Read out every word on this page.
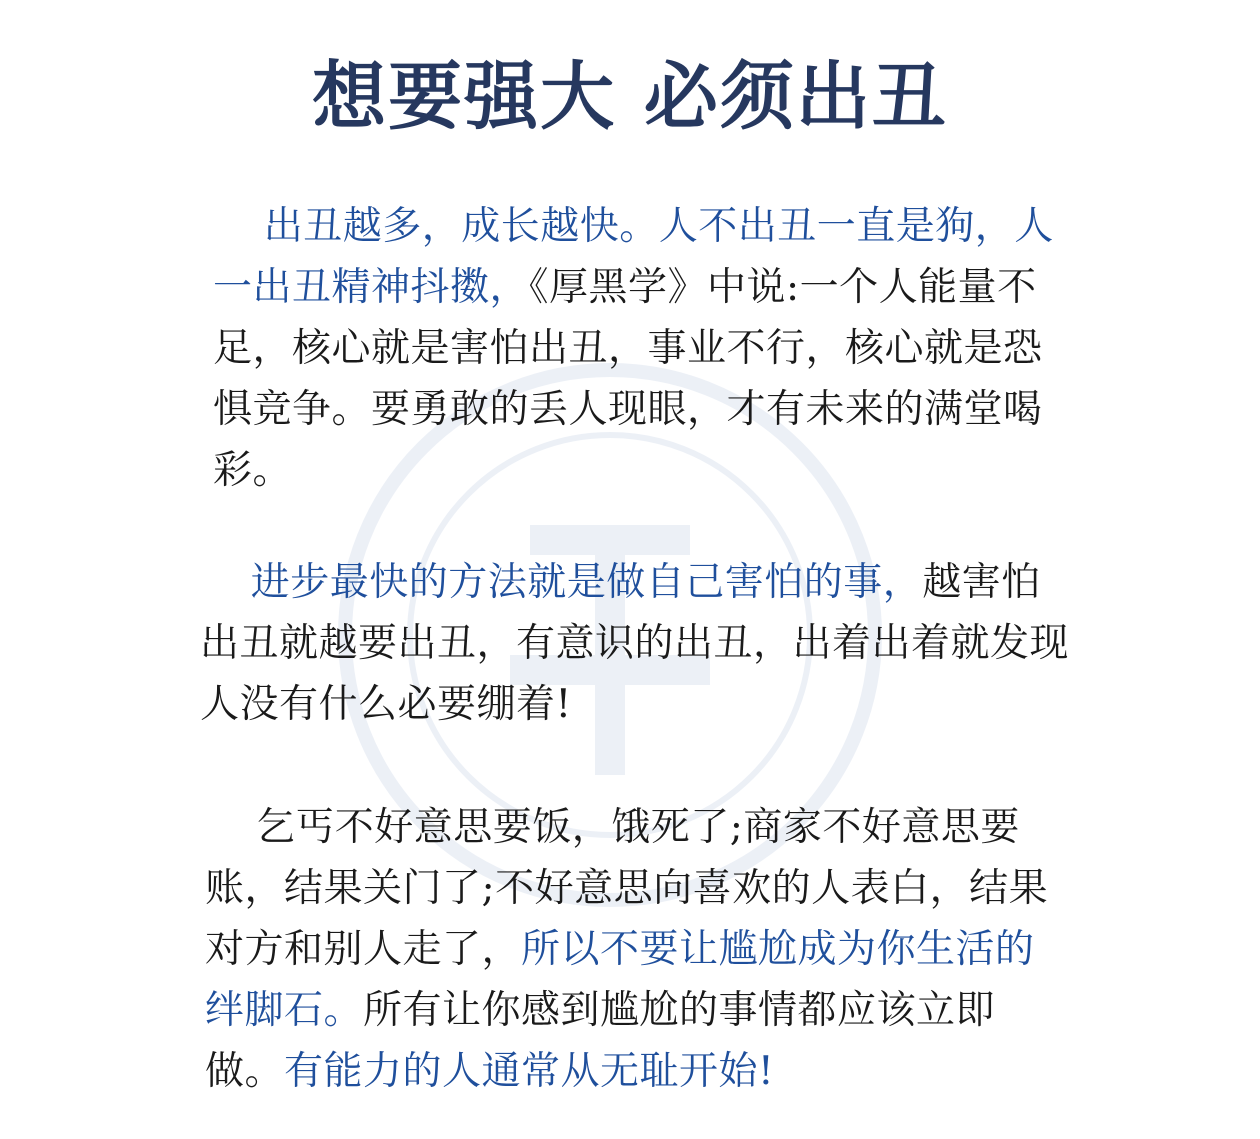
想要强大 必须出丑
出丑越多，成长越快。人不出丑一直是狗，人一出丑精神抖擞，《厚黑学》中说:一个人能量不足，核心就是害怕出丑，事业不行，核心就是恐惧竞争。要勇敢的丢人现眼，才有未来的满堂喝彩。
进步最快的方法就是做自己害怕的事，越害怕出丑就越要出丑，有意识的出丑，出着出着就发现人没有什么必要绷着!
乞丐不好意思要饭，饿死了;商家不好意思要账，结果关门了;不好意思向喜欢的人表白，结果对方和别人走了，所以不要让尴尬成为你生活的绊脚石。所有让你感到尴尬的事情都应该立即做。有能力的人通常从无耻开始!
